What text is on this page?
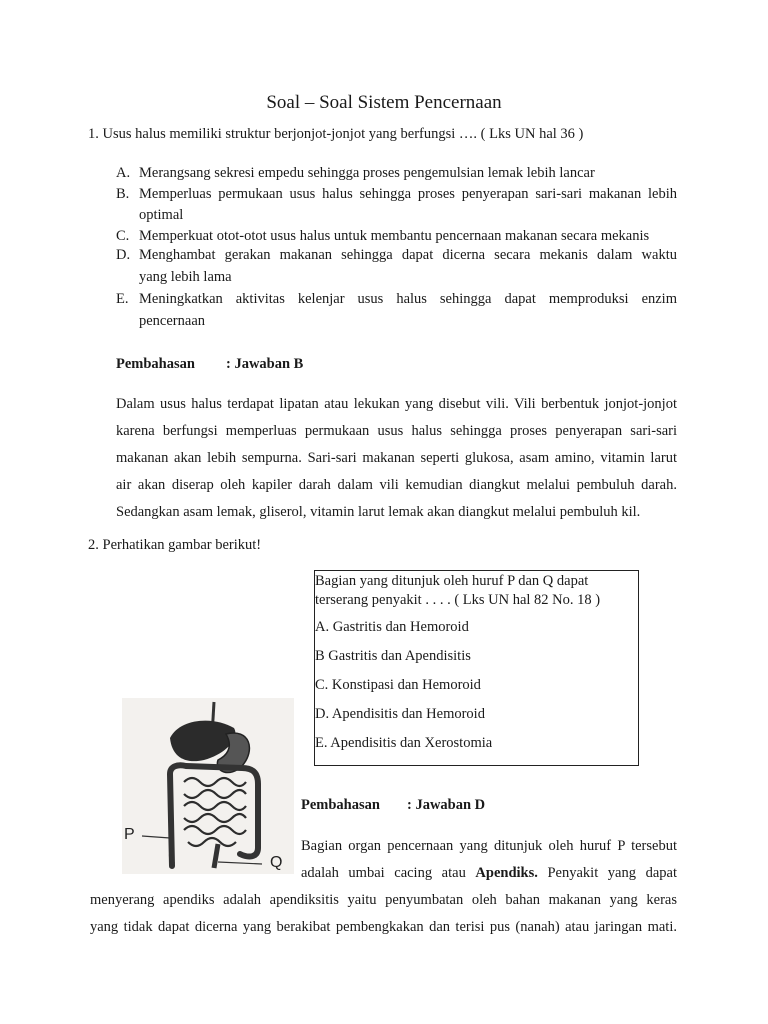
Soal – Soal Sistem Pencernaan
1. Usus halus memiliki struktur berjonjot-jonjot yang berfungsi …. ( Lks UN hal 36 )
A. Merangsang sekresi empedu sehingga proses pengemulsian lemak lebih lancar
B. Memperluas permukaan usus halus sehingga proses penyerapan sari-sari makanan lebih
optimal
C. Memperkuat otot-otot usus halus untuk membantu pencernaan makanan secara mekanis
D. Menghambat gerakan makanan sehingga dapat dicerna secara mekanis dalam waktu
yang lebih lama
E. Meningkatkan aktivitas kelenjar usus halus sehingga dapat memproduksi enzim
pencernaan
Pembahasan : Jawaban B
Dalam usus halus terdapat lipatan atau lekukan yang disebut vili. Vili berbentuk jonjot-jonjot
karena berfungsi memperluas permukaan usus halus sehingga proses penyerapan sari-sari
makanan akan lebih sempurna. Sari-sari makanan seperti glukosa, asam amino, vitamin larut
air akan diserap oleh kapiler darah dalam vili kemudian diangkut melalui pembuluh darah.
Sedangkan asam lemak, gliserol, vitamin larut lemak akan diangkut melalui pembuluh kil.
2. Perhatikan gambar berikut!
Bagian yang ditunjuk oleh huruf P dan Q dapat
terserang penyakit . . . . ( Lks UN hal 82 No. 18 )
A. Gastritis dan Hemoroid
B Gastritis dan Apendisitis
C. Konstipasi dan Hemoroid
D. Apendisitis dan Hemoroid
E. Apendisitis dan Xerostomia
P
Q
Pembahasan : Jawaban D
Bagian organ pencernaan yang ditunjuk oleh huruf P tersebut
adalah umbai cacing atau Apendiks. Penyakit yang dapat
menyerang apendiks adalah apendiksitis yaitu penyumbatan oleh bahan makanan yang keras
yang tidak dapat dicerna yang berakibat pembengkakan dan terisi pus (nanah) atau jaringan mati.
